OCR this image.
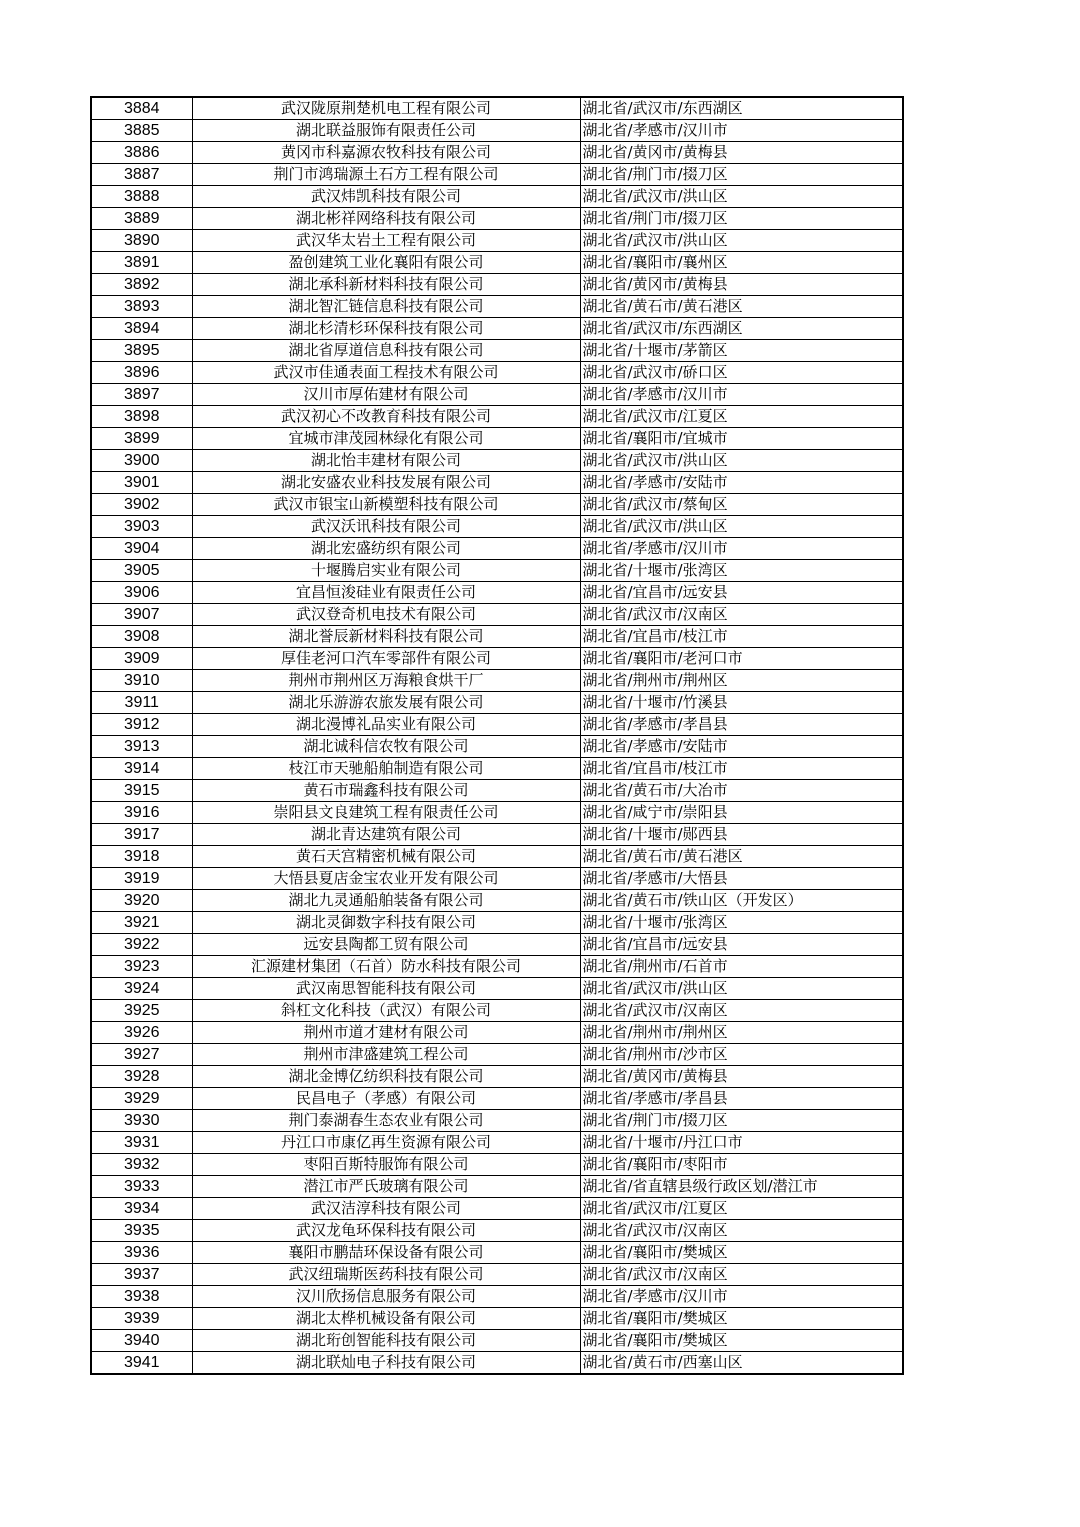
3884	武汉陇原荆楚机电工程有限公司	湖北省/武汉市/东西湖区
3885	湖北联益服饰有限责任公司	湖北省/孝感市/汉川市
3886	黄冈市科嘉源农牧科技有限公司	湖北省/黄冈市/黄梅县
3887	荆门市鸿瑞源土石方工程有限公司	湖北省/荆门市/掇刀区
3888	武汉炜凯科技有限公司	湖北省/武汉市/洪山区
3889	湖北彬祥网络科技有限公司	湖北省/荆门市/掇刀区
3890	武汉华太岩土工程有限公司	湖北省/武汉市/洪山区
3891	盈创建筑工业化襄阳有限公司	湖北省/襄阳市/襄州区
3892	湖北承科新材料科技有限公司	湖北省/黄冈市/黄梅县
3893	湖北智汇链信息科技有限公司	湖北省/黄石市/黄石港区
3894	湖北杉清杉环保科技有限公司	湖北省/武汉市/东西湖区
3895	湖北省厚道信息科技有限公司	湖北省/十堰市/茅箭区
3896	武汉市佳通表面工程技术有限公司	湖北省/武汉市/硚口区
3897	汉川市厚佑建材有限公司	湖北省/孝感市/汉川市
3898	武汉初心不改教育科技有限公司	湖北省/武汉市/江夏区
3899	宜城市津茂园林绿化有限公司	湖北省/襄阳市/宜城市
3900	湖北怡丰建材有限公司	湖北省/武汉市/洪山区
3901	湖北安盛农业科技发展有限公司	湖北省/孝感市/安陆市
3902	武汉市银宝山新模塑科技有限公司	湖北省/武汉市/蔡甸区
3903	武汉沃讯科技有限公司	湖北省/武汉市/洪山区
3904	湖北宏盛纺织有限公司	湖北省/孝感市/汉川市
3905	十堰腾启实业有限公司	湖北省/十堰市/张湾区
3906	宜昌恒浚硅业有限责任公司	湖北省/宜昌市/远安县
3907	武汉登奇机电技术有限公司	湖北省/武汉市/汉南区
3908	湖北誉辰新材料科技有限公司	湖北省/宜昌市/枝江市
3909	厚佳老河口汽车零部件有限公司	湖北省/襄阳市/老河口市
3910	荆州市荆州区万海粮食烘干厂	湖北省/荆州市/荆州区
3911	湖北乐游游农旅发展有限公司	湖北省/十堰市/竹溪县
3912	湖北漫博礼品实业有限公司	湖北省/孝感市/孝昌县
3913	湖北诚科信农牧有限公司	湖北省/孝感市/安陆市
3914	枝江市天驰船舶制造有限公司	湖北省/宜昌市/枝江市
3915	黄石市瑞鑫科技有限公司	湖北省/黄石市/大冶市
3916	崇阳县文良建筑工程有限责任公司	湖北省/咸宁市/崇阳县
3917	湖北青达建筑有限公司	湖北省/十堰市/郧西县
3918	黄石天宫精密机械有限公司	湖北省/黄石市/黄石港区
3919	大悟县夏店金宝农业开发有限公司	湖北省/孝感市/大悟县
3920	湖北九灵通船舶装备有限公司	湖北省/黄石市/铁山区（开发区）
3921	湖北灵御数字科技有限公司	湖北省/十堰市/张湾区
3922	远安县陶都工贸有限公司	湖北省/宜昌市/远安县
3923	汇源建材集团（石首）防水科技有限公司	湖北省/荆州市/石首市
3924	武汉南思智能科技有限公司	湖北省/武汉市/洪山区
3925	斜杠文化科技（武汉）有限公司	湖北省/武汉市/汉南区
3926	荆州市道才建材有限公司	湖北省/荆州市/荆州区
3927	荆州市津盛建筑工程公司	湖北省/荆州市/沙市区
3928	湖北金博亿纺织科技有限公司	湖北省/黄冈市/黄梅县
3929	民昌电子（孝感）有限公司	湖北省/孝感市/孝昌县
3930	荆门泰湖春生态农业有限公司	湖北省/荆门市/掇刀区
3931	丹江口市康亿再生资源有限公司	湖北省/十堰市/丹江口市
3932	枣阳百斯特服饰有限公司	湖北省/襄阳市/枣阳市
3933	潜江市严氏玻璃有限公司	湖北省/省直辖县级行政区划/潜江市
3934	武汉洁淳科技有限公司	湖北省/武汉市/江夏区
3935	武汉龙龟环保科技有限公司	湖北省/武汉市/汉南区
3936	襄阳市鹏喆环保设备有限公司	湖北省/襄阳市/樊城区
3937	武汉纽瑞斯医药科技有限公司	湖北省/武汉市/汉南区
3938	汉川欣扬信息服务有限公司	湖北省/孝感市/汉川市
3939	湖北太桦机械设备有限公司	湖北省/襄阳市/樊城区
3940	湖北珩创智能科技有限公司	湖北省/襄阳市/樊城区
3941	湖北联灿电子科技有限公司	湖北省/黄石市/西塞山区
